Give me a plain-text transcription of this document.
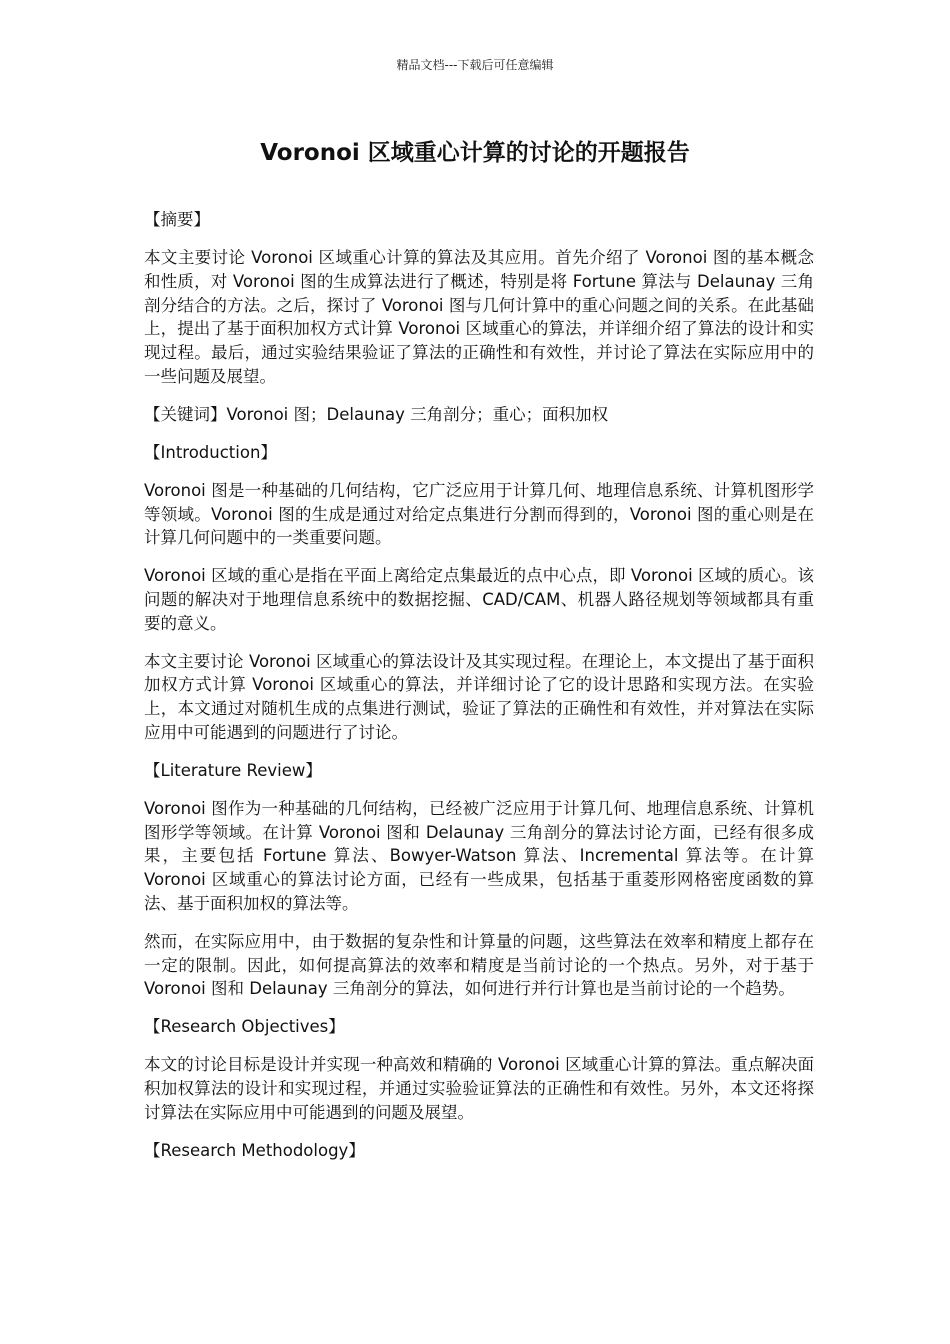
精品文档---下载后可任意编辑
Voronoi 区域重心计算的讨论的开题报告
【摘要】

本文主要讨论 Voronoi 区域重心计算的算法及其应用。首先介绍了 Voronoi 图的基本概念和性质，对 Voronoi 图的生成算法进行了概述，特别是将 Fortune 算法与 Delaunay 三角剖分结合的方法。之后，探讨了 Voronoi 图与几何计算中的重心问题之间的关系。在此基础上，提出了基于面积加权方式计算 Voronoi 区域重心的算法，并详细介绍了算法的设计和实现过程。最后，通过实验结果验证了算法的正确性和有效性，并讨论了算法在实际应用中的一些问题及展望。

【关键词】Voronoi 图；Delaunay 三角剖分；重心；面积加权
【Introduction】

Voronoi 图是一种基础的几何结构，它广泛应用于计算几何、地理信息系统、计算机图形学等领域。Voronoi 图的生成是通过对给定点集进行分割而得到的，Voronoi 图的重心则是在计算几何问题中的一类重要问题。

Voronoi 区域的重心是指在平面上离给定点集最近的点中心点，即 Voronoi 区域的质心。该问题的解决对于地理信息系统中的数据挖掘、CAD/CAM、机器人路径规划等领域都具有重要的意义。

本文主要讨论 Voronoi 区域重心的算法设计及其实现过程。在理论上，本文提出了基于面积加权方式计算 Voronoi 区域重心的算法，并详细讨论了它的设计思路和实现方法。在实验上，本文通过对随机生成的点集进行测试，验证了算法的正确性和有效性，并对算法在实际应用中可能遇到的问题进行了讨论。

【Literature Review】

Voronoi 图作为一种基础的几何结构，已经被广泛应用于计算几何、地理信息系统、计算机图形学等领域。在计算 Voronoi 图和 Delaunay 三角剖分的算法讨论方面，已经有很多成果，主要包括 Fortune 算法、Bowyer-Watson 算法、Incremental 算法等。在计算 Voronoi 区域重心的算法讨论方面，已经有一些成果，包括基于重菱形网格密度函数的算法、基于面积加权的算法等。

然而，在实际应用中，由于数据的复杂性和计算量的问题，这些算法在效率和精度上都存在一定的限制。因此，如何提高算法的效率和精度是当前讨论的一个热点。另外，对于基于 Voronoi 图和 Delaunay 三角剖分的算法，如何进行并行计算也是当前讨论的一个趋势。

【Research Objectives】

本文的讨论目标是设计并实现一种高效和精确的 Voronoi 区域重心计算的算法。重点解决面积加权算法的设计和实现过程，并通过实验验证算法的正确性和有效性。另外，本文还将探讨算法在实际应用中可能遇到的问题及展望。

【Research Methodology】
